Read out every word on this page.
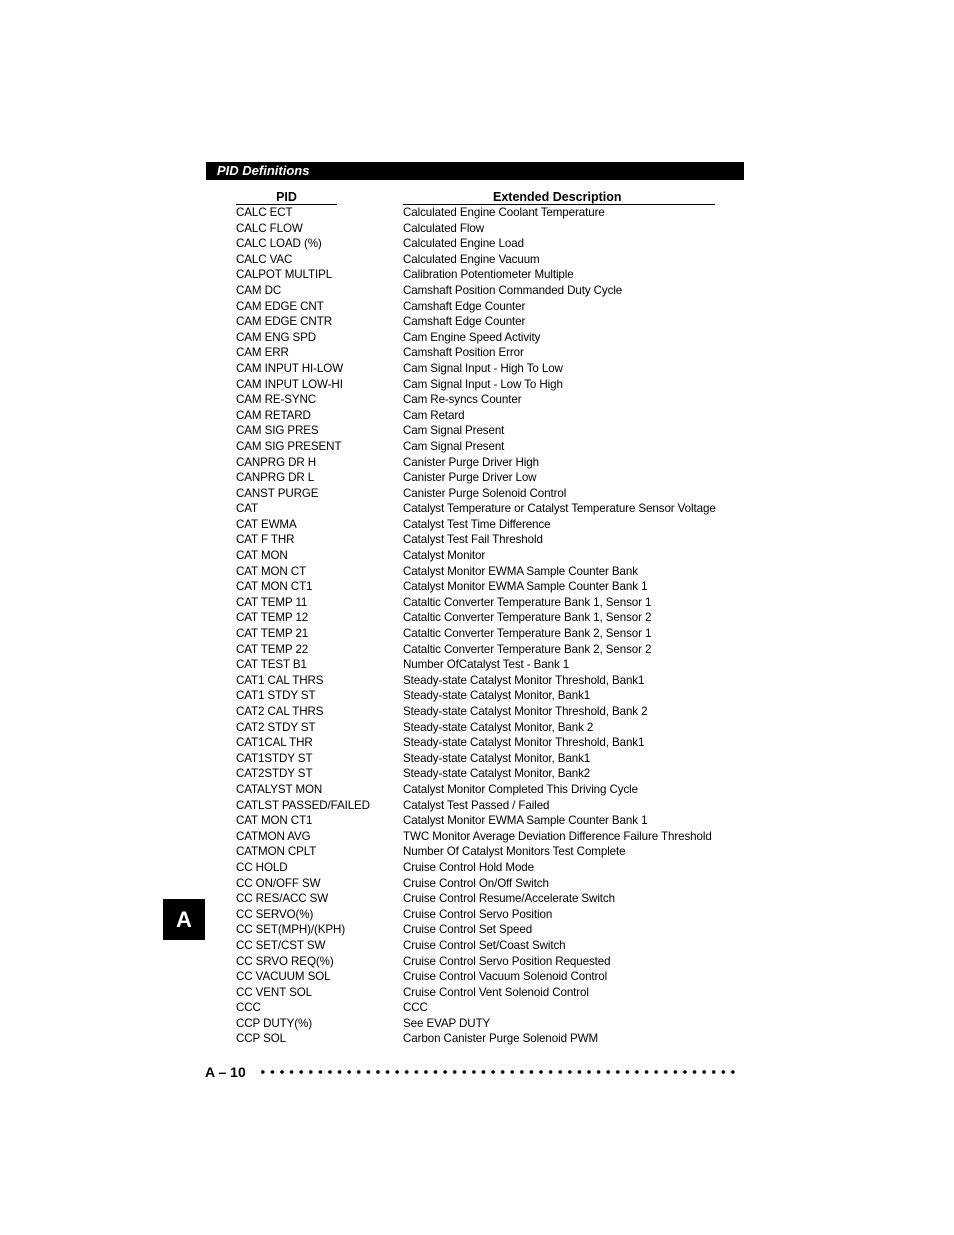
PID Definitions
PID	Extended Description
CALC ECT	Calculated Engine Coolant Temperature
CALC FLOW	Calculated Flow
CALC LOAD (%)	Calculated Engine Load
CALC VAC	Calculated Engine Vacuum
CALPOT MULTIPL	Calibration Potentiometer Multiple
CAM DC	Camshaft Position Commanded Duty Cycle
CAM EDGE CNT	Camshaft Edge Counter
CAM EDGE CNTR	Camshaft Edge Counter
CAM ENG SPD	Cam Engine Speed Activity
CAM ERR	Camshaft Position Error
CAM INPUT HI-LOW	Cam Signal Input - High To Low
CAM INPUT LOW-HI	Cam Signal Input - Low To High
CAM RE-SYNC	Cam Re-syncs Counter
CAM RETARD	Cam Retard
CAM SIG PRES	Cam Signal Present
CAM SIG PRESENT	Cam Signal Present
CANPRG DR H	Canister Purge Driver High
CANPRG DR L	Canister Purge Driver Low
CANST PURGE	Canister Purge Solenoid Control
CAT	Catalyst Temperature or Catalyst Temperature Sensor Voltage
CAT EWMA	Catalyst Test Time Difference
CAT F THR	Catalyst Test Fail Threshold
CAT MON	Catalyst Monitor
CAT MON CT	Catalyst Monitor EWMA Sample Counter Bank
CAT MON CT1	Catalyst Monitor EWMA Sample Counter Bank 1
CAT TEMP 11	Cataltic Converter Temperature Bank 1, Sensor 1
CAT TEMP 12	Cataltic Converter Temperature Bank 1, Sensor 2
CAT TEMP 21	Cataltic Converter Temperature Bank 2, Sensor 1
CAT TEMP 22	Cataltic Converter Temperature Bank 2, Sensor 2
CAT TEST B1	Number OfCatalyst Test - Bank 1
CAT1 CAL THRS	Steady-state Catalyst Monitor Threshold, Bank1
CAT1 STDY ST	Steady-state Catalyst Monitor, Bank1
CAT2 CAL THRS	Steady-state Catalyst Monitor Threshold, Bank 2
CAT2 STDY ST	Steady-state Catalyst Monitor, Bank 2
CAT1CAL THR	Steady-state Catalyst Monitor Threshold, Bank1
CAT1STDY ST	Steady-state Catalyst Monitor, Bank1
CAT2STDY ST	Steady-state Catalyst Monitor, Bank2
CATALYST MON	Catalyst Monitor Completed This Driving Cycle
CATLST PASSED/FAILED	Catalyst Test Passed / Failed
CAT MON CT1	Catalyst Monitor EWMA Sample Counter Bank 1
CATMON AVG	TWC Monitor Average Deviation Difference Failure Threshold
CATMON CPLT	Number Of Catalyst Monitors Test Complete
CC HOLD	Cruise Control Hold Mode
CC ON/OFF SW	Cruise Control On/Off Switch
CC RES/ACC SW	Cruise Control Resume/Accelerate Switch
CC SERVO(%)	Cruise Control Servo Position
CC SET(MPH)/(KPH)	Cruise Control Set Speed
CC SET/CST SW	Cruise Control Set/Coast Switch
CC SRVO REQ(%)	Cruise Control Servo Position Requested
CC VACUUM SOL	Cruise Control Vacuum Solenoid Control
CC VENT SOL	Cruise Control Vent Solenoid Control
CCC	CCC
CCP DUTY(%)	See EVAP DUTY
CCP SOL	Carbon Canister Purge Solenoid PWM
A
A – 10
